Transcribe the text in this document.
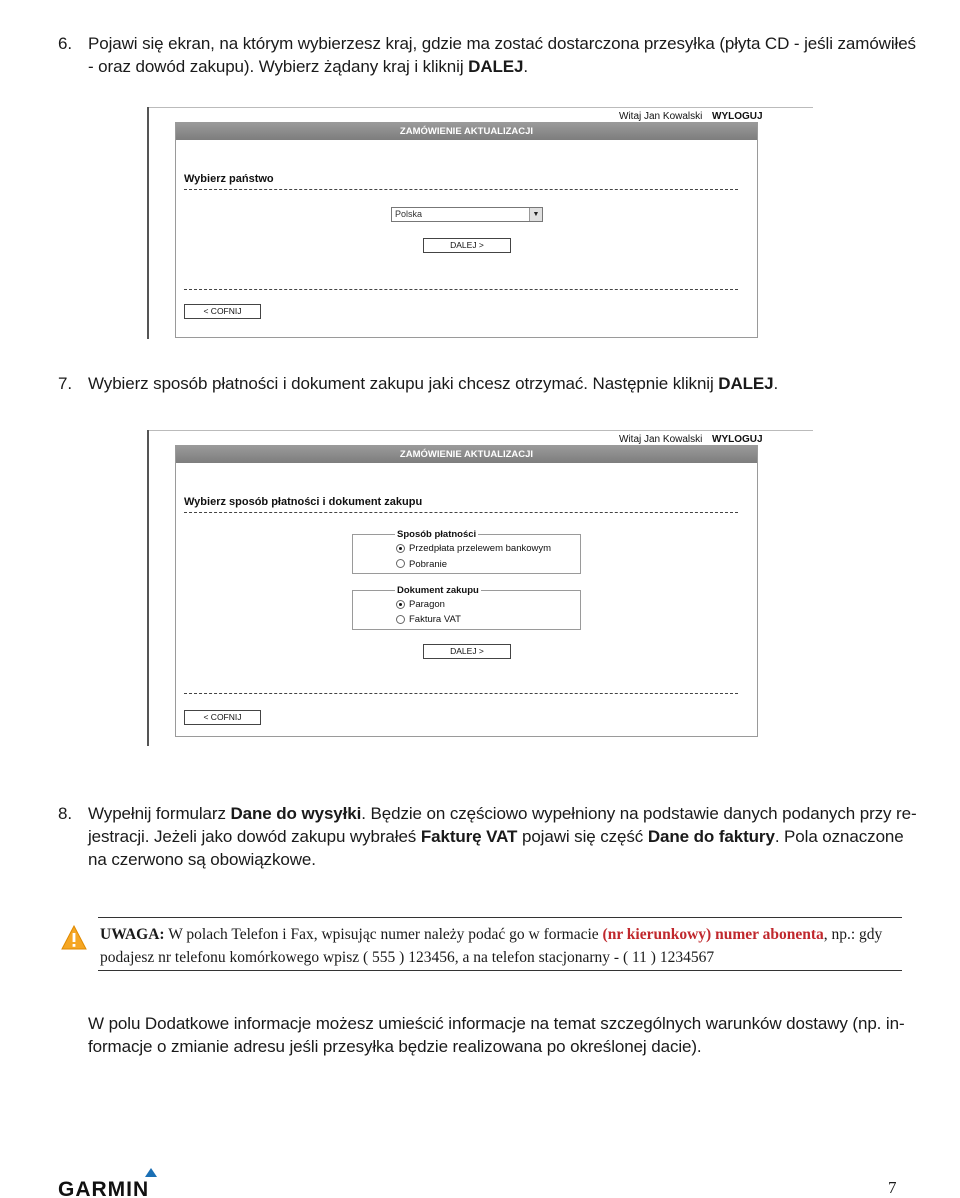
6. Pojawi się ekran, na którym wybierzesz kraj, gdzie ma zostać dostarczona przesyłka (płyta CD - jeśli zamówiłeś
- oraz dowód zakupu). Wybierz żądany kraj i kliknij DALEJ.
Witaj Jan Kowalski WYLOGUJ
ZAMÓWIENIE AKTUALIZACJI
Wybierz państwo
Polska	▼
DALEJ >
< COFNIJ
7. Wybierz sposób płatności i dokument zakupu jaki chcesz otrzymać. Następnie kliknij DALEJ.
Witaj Jan Kowalski WYLOGUJ
ZAMÓWIENIE AKTUALIZACJI
Wybierz sposób płatności i dokument zakupu
Sposób płatności
Przedpłata przelewem bankowym
Pobranie
Dokument zakupu
Paragon
Faktura VAT
DALEJ >
< COFNIJ
8. Wypełnij formularz Dane do wysyłki. Będzie on częściowo wypełniony na podstawie danych podanych przy re-
jestracji. Jeżeli jako dowód zakupu wybrałeś Fakturę VAT pojawi się część Dane do faktury. Pola oznaczone
na czerwono są obowiązkowe.
UWAGA: W polach Telefon i Fax, wpisując numer należy podać go w formacie (nr kierunkowy) numer abonenta, np.: gdy
podajesz nr telefonu komórkowego wpisz ( 555 ) 123456, a na telefon stacjonarny - ( 11 ) 1234567
W polu Dodatkowe informacje możesz umieścić informacje na temat szczególnych warunków dostawy (np. in-
formacje o zmianie adresu jeśli przesyłka będzie realizowana po określonej dacie).
GARMIN	7
